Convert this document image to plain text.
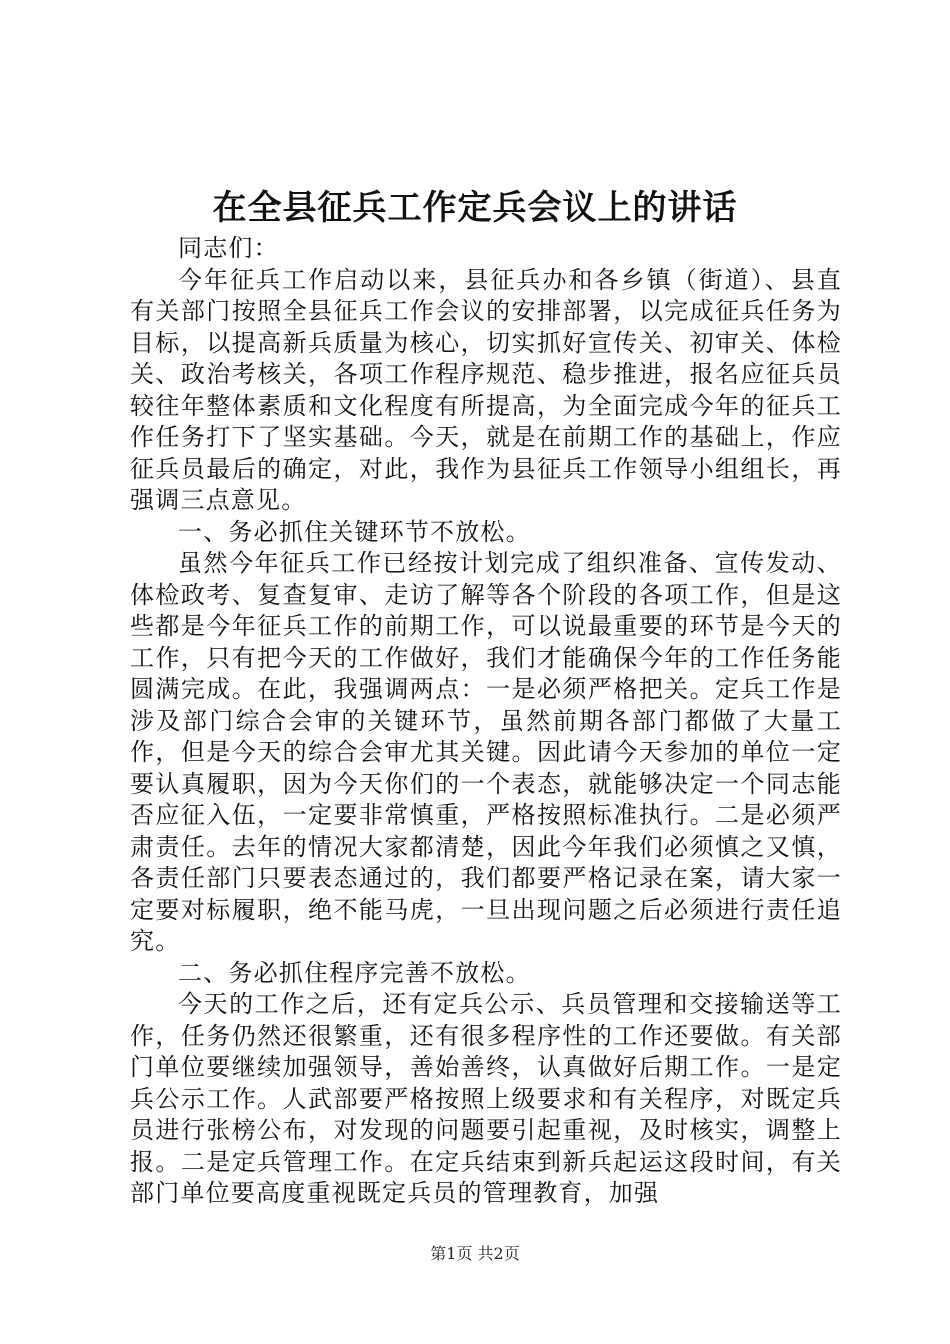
在全县征兵工作定兵会议上的讲话

同志们：

今年征兵工作启动以来，县征兵办和各乡镇（街道）、县直有关部门按照全县征兵工作会议的安排部署，以完成征兵任务为目标，以提高新兵质量为核心，切实抓好宣传关、初审关、体检关、政治考核关，各项工作程序规范、稳步推进，报名应征兵员较往年整体素质和文化程度有所提高，为全面完成今年的征兵工作任务打下了坚实基础。今天，就是在前期工作的基础上，作应征兵员最后的确定，对此，我作为县征兵工作领导小组组长，再强调三点意见。

一、务必抓住关键环节不放松。

虽然今年征兵工作已经按计划完成了组织准备、宣传发动、体检政考、复查复审、走访了解等各个阶段的各项工作，但是这些都是今年征兵工作的前期工作，可以说最重要的环节是今天的工作，只有把今天的工作做好，我们才能确保今年的工作任务能圆满完成。在此，我强调两点：一是必须严格把关。定兵工作是涉及部门综合会审的关键环节，虽然前期各部门都做了大量工作，但是今天的综合会审尤其关键。因此请今天参加的单位一定要认真履职，因为今天你们的一个表态，就能够决定一个同志能否应征入伍，一定要非常慎重，严格按照标准执行。二是必须严肃责任。去年的情况大家都清楚，因此今年我们必须慎之又慎，各责任部门只要表态通过的，我们都要严格记录在案，请大家一定要对标履职，绝不能马虎，一旦出现问题之后必须进行责任追究。

二、务必抓住程序完善不放松。

今天的工作之后，还有定兵公示、兵员管理和交接输送等工作，任务仍然还很繁重，还有很多程序性的工作还要做。有关部门单位要继续加强领导，善始善终，认真做好后期工作。一是定兵公示工作。人武部要严格按照上级要求和有关程序，对既定兵员进行张榜公布，对发现的问题要引起重视，及时核实，调整上报。二是定兵管理工作。在定兵结束到新兵起运这段时间，有关部门单位要高度重视既定兵员的管理教育，加强

第1页 共2页
